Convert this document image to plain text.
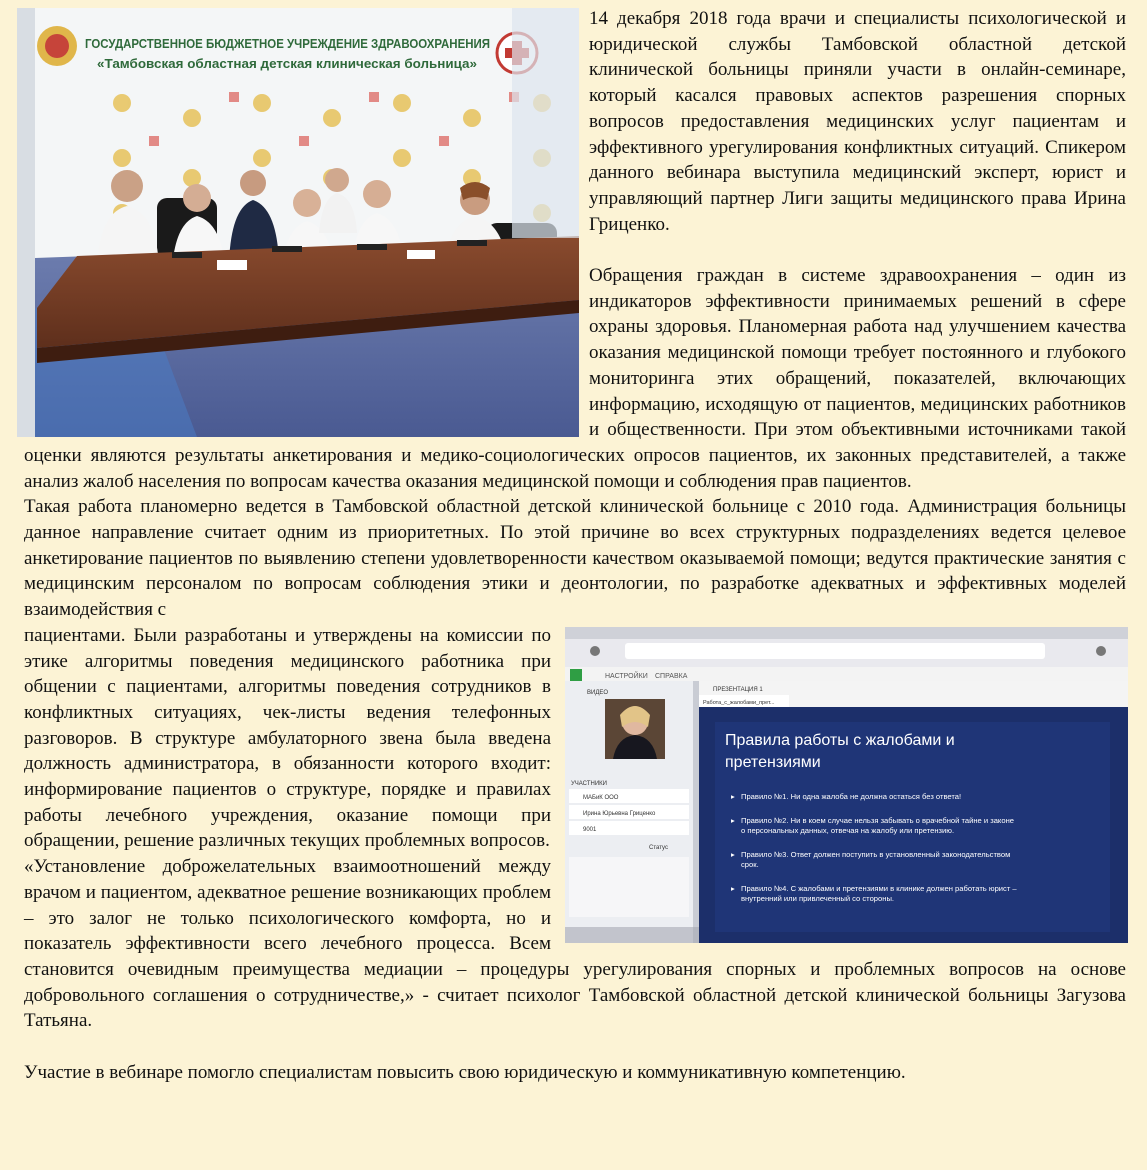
ГОСУДАРСТВЕННОЕ БЮДЖЕТНОЕ УЧРЕЖДЕНИЕ ЗДРАВООХРАНЕНИЯ
«Тамбовская областная детская клиническая больница»

14 декабря 2018 года врачи и специалисты психологической и юридической службы Тамбовской областной детской клинической больницы приняли участи в онлайн-семинаре, который касался правовых аспектов разрешения спорных вопросов предоставления медицинских услуг пациентам и эффективного урегулирования конфликтных ситуаций. Спикером данного вебинара выступила медицинский эксперт, юрист и управляющий партнер Лиги защиты медицинского права Ирина Гриценко.

Обращения граждан в системе здравоохранения – один из индикаторов эффективности принимаемых решений в сфере охраны здоровья. Планомерная работа над улучшением качества оказания медицинской помощи требует постоянного и глубокого мониторинга этих обращений, показателей, включающих информацию, исходящую от пациентов, медицинских работников и общественности. При этом объективными источниками такой оценки являются результаты анкетирования и медико-социологических опросов пациентов, их законных представителей, а также анализ жалоб населения по вопросам качества оказания медицинской помощи и соблюдения прав пациентов.

Такая работа планомерно ведется в Тамбовской областной детской клинической больнице с 2010 года. Администрация больницы данное направление считает одним из приоритетных. По этой причине во всех структурных подразделениях ведется целевое анкетирование пациентов по выявлению степени удовлетворенности качеством оказываемой помощи; ведутся практические занятия с медицинским персоналом по вопросам соблюдения этики и деонтологии, по разработке адекватных и эффективных моделей взаимодействия с

НАСТРОЙКИ СПРАВКА
ВИДЕО
УЧАСТНИКИ
МАБиК ООО
Ирина Юрьевна Гриценко
9001
Статус
ПРЕЗЕНТАЦИЯ 1
Работа_с_жалобами_прет...
Правила работы с жалобами и
претензиями
▸ Правило №1. Ни одна жалоба не должна остаться без ответа!
▸ Правило №2. Ни в коем случае нельзя забывать о врачебной тайне и законе
о персональных данных, отвечая на жалобу или претензию.
▸ Правило №3. Ответ должен поступить в установленный законодательством
срок.
▸ Правило №4. С жалобами и претензиями в клинике должен работать юрист –
внутренний или привлеченный со стороны.

пациентами. Были разработаны и утверждены на комиссии по этике алгоритмы поведения медицинского работника при общении с пациентами, алгоритмы поведения сотрудников в конфликтных ситуациях, чек-листы ведения телефонных разговоров. В структуре амбулаторного звена была введена должность администратора, в обязанности которого входит: информирование пациентов о структуре, порядке и правилах работы лечебного учреждения, оказание помощи при обращении, решение различных текущих проблемных вопросов.

«Установление доброжелательных взаимоотношений между врачом и пациентом, адекватное решение возникающих проблем – это залог не только психологического комфорта, но и показатель эффективности всего лечебного процесса. Всем становится очевидным преимущества медиации – процедуры урегулирования спорных и проблемных вопросов на основе добровольного соглашения о сотрудничестве,» - считает психолог Тамбовской областной детской клинической больницы Загузова Татьяна.

Участие в вебинаре помогло специалистам повысить свою юридическую и коммуникативную компетенцию.
